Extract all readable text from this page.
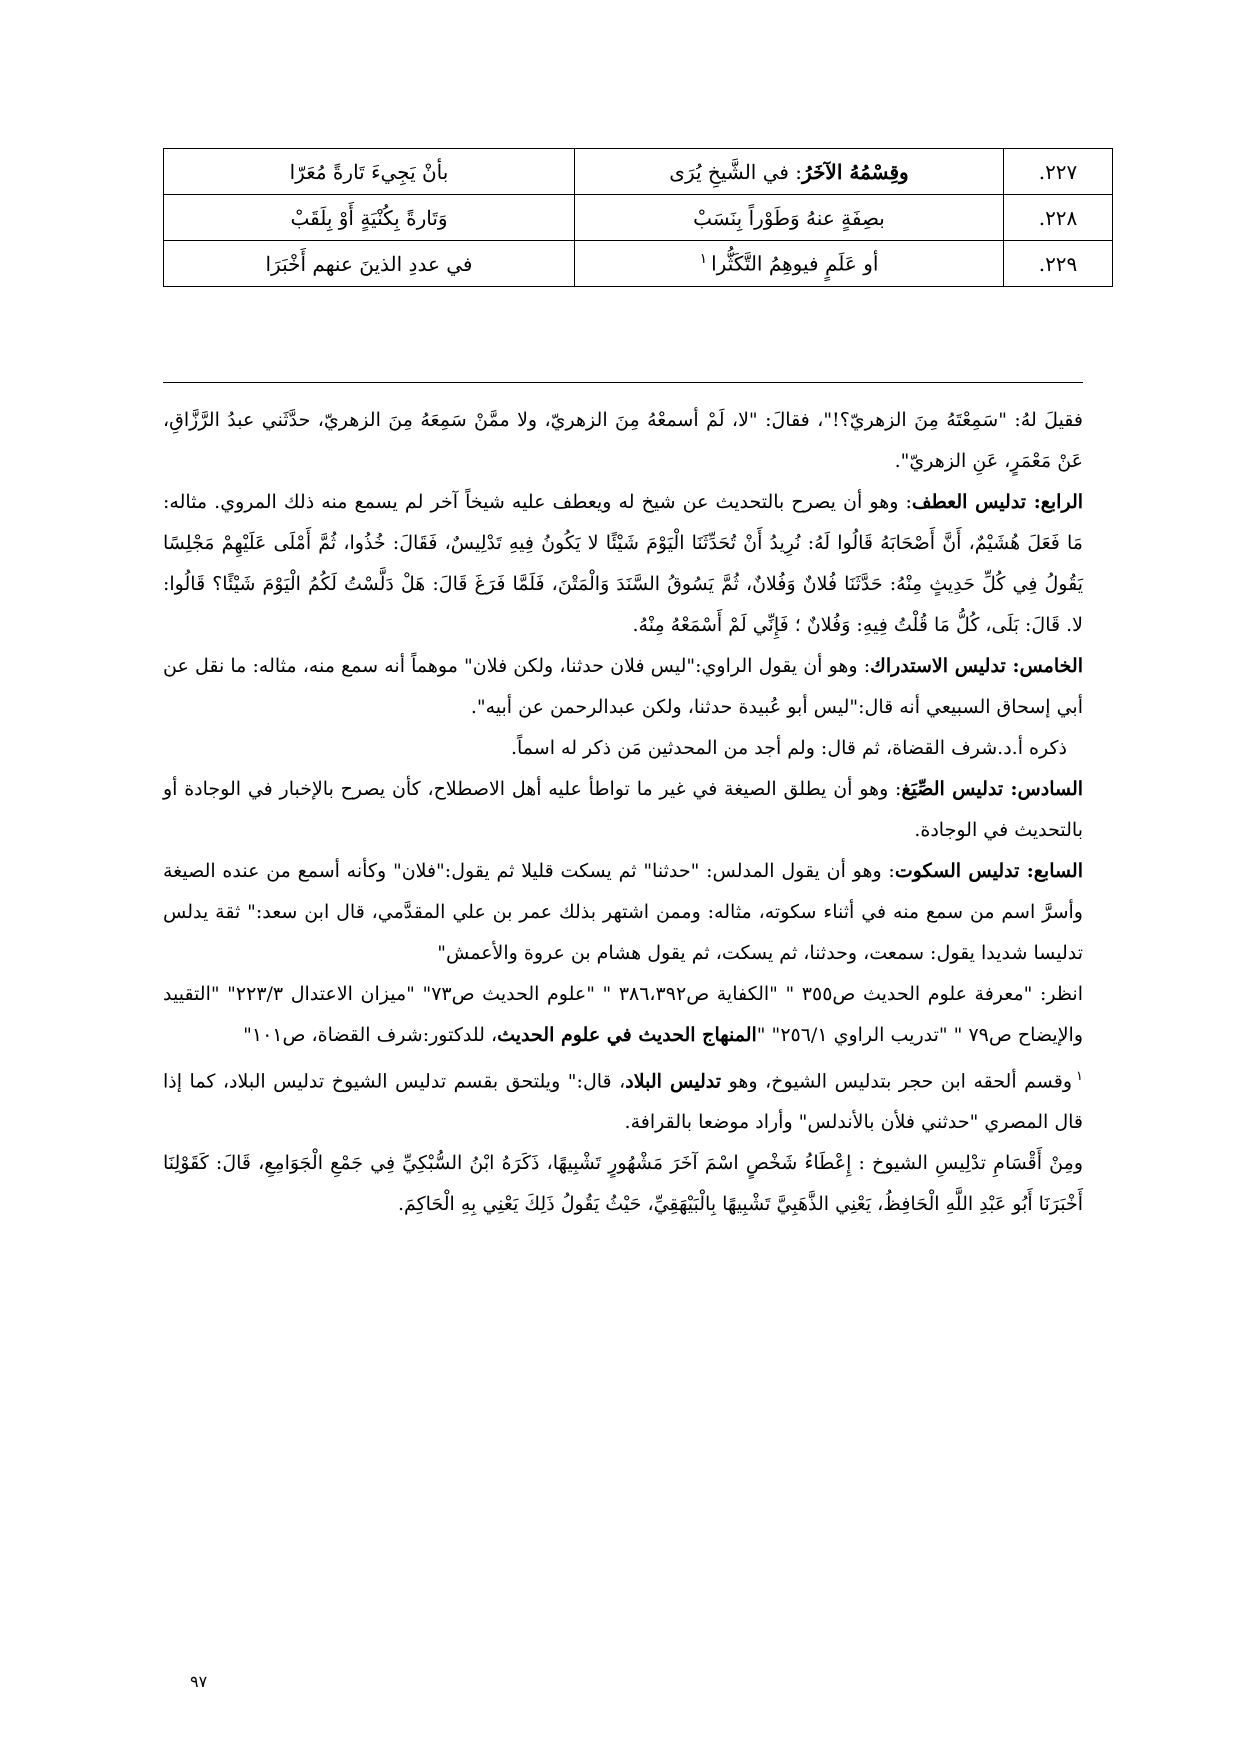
٢٢٧.	وقِسْمُهُ الآخَرُ: في الشَّيخِ يُرَى	بأنْ يَجِيءَ تَارةً مُعَرّا
٢٢٨.	بصِفَةٍ عنهُ وَطَوْراً بِنَسَبْ	وَتَارةً بِكُنْيَةٍ أَوْ بِلَقَبْ
٢٢٩.	أو عَلَمٍ فيوهِمُ التَّكَثُّرا$^١$	في عددِ الذينَ عنهم أَخْبَرَا

فقيلَ لهُ: "سَمِعْتَهُ مِنَ الزهريّ؟!"، فقالَ: "لا، لَمْ أسمعْهُ مِنَ الزهريّ، ولا ممَّنْ سَمِعَهُ مِنَ الزهريّ، حدَّثَني عبدُ الرَّزَّاقِ، عَنْ مَعْمَرٍ، عَنِ الزهريّ".

الرابع: تدليس العطف: وهو أن يصرح بالتحديث عن شيخ له ويعطف عليه شيخاً آخر لم يسمع منه ذلك المروي. مثاله: مَا فَعَلَ هُشَيْمٌ، أَنَّ أَصْحَابَهُ قَالُوا لَهُ: نُرِيدُ أَنْ تُحَدِّثَنَا الْيَوْمَ شَيْئًا لا يَكُونُ فِيهِ تَدْلِيسٌ، فَقَالَ: خُذُوا، ثُمَّ أَمْلَى عَلَيْهِمْ مَجْلِسًا يَقُولُ فِي كُلِّ حَدِيثٍ مِنْهُ: حَدَّثَنَا فُلانٌ وَفُلانٌ، ثُمَّ يَسُوقُ السَّنَدَ وَالْمَتْنَ، فَلَمَّا فَرَغَ قَالَ: هَلْ دَلَّسْتُ لَكُمُ الْيَوْمَ شَيْئًا؟ قَالُوا: لا. قَالَ: بَلَى، كُلُّ مَا قُلْتُ فِيهِ: وَفُلانٌ ؛ فَإِنِّي لَمْ أَسْمَعْهُ مِنْهُ.

الخامس: تدليس الاستدراك: وهو أن يقول الراوي:"ليس فلان حدثنا، ولكن فلان" موهماً أنه سمع منه، مثاله: ما نقل عن أبي إسحاق السبيعي أنه قال:"ليس أبو عُبيدة حدثنا، ولكن عبدالرحمن عن أبيه".

ذكره أ.د.شرف القضاة، ثم قال: ولم أجد من المحدثين مَن ذكر له اسماً.

السادس: تدليس الصِّيَغ: وهو أن يطلق الصيغة في غير ما تواطأ عليه أهل الاصطلاح، كأن يصرح بالإخبار في الوجادة أو بالتحديث في الوجادة.

السابع: تدليس السكوت: وهو أن يقول المدلس: "حدثنا" ثم يسكت قليلا ثم يقول:"فلان" وكأنه أسمع من عنده الصيغة وأسرَّ اسم من سمع منه في أثناء سكوته، مثاله: وممن اشتهر بذلك عمر بن علي المقدَّمي، قال ابن سعد:" ثقة يدلس تدليسا شديدا يقول: سمعت، وحدثنا، ثم يسكت، ثم يقول هشام بن عروة والأعمش"

انظر: "معرفة علوم الحديث ص٣٥٥ " "الكفاية ص٣٨٦،٣٩٢ " "علوم الحديث ص٧٣" "ميزان الاعتدال ٢٢٣/٣" "التقييد والإيضاح ص٧٩ " "تدريب الراوي ٢٥٦/١" "المنهاج الحديث في علوم الحديث، للدكتور:شرف القضاة، ص١٠١"

$^١$وقسم ألحقه ابن حجر بتدليس الشيوخ، وهو تدليس البلاد، قال:" ويلتحق بقسم تدليس الشيوخ تدليس البلاد، كما إذا قال المصري "حدثني فلأن بالأندلس" وأراد موضعا بالقرافة.

ومِنْ أَقْسَامِ تدْلِيسِ الشيوخ : إِعْطَاءُ شَخْصٍ اسْمَ آخَرَ مَشْهُورٍ تَشْبِيهًا، ذَكَرَهُ ابْنُ السُّبْكِيِّ فِي جَمْعِ الْجَوَامِعِ، قَالَ: كَقَوْلِنَا أَخْبَرَنَا أَبُو عَبْدِ اللَّهِ الْحَافِظُ، يَعْنِي الذَّهَبِيَّ تَشْبِيهًا بِالْبَيْهَقِيِّ، حَيْثُ يَقُولُ ذَلِكَ يَعْنِي بِهِ الْحَاكِمَ.

٩٧
